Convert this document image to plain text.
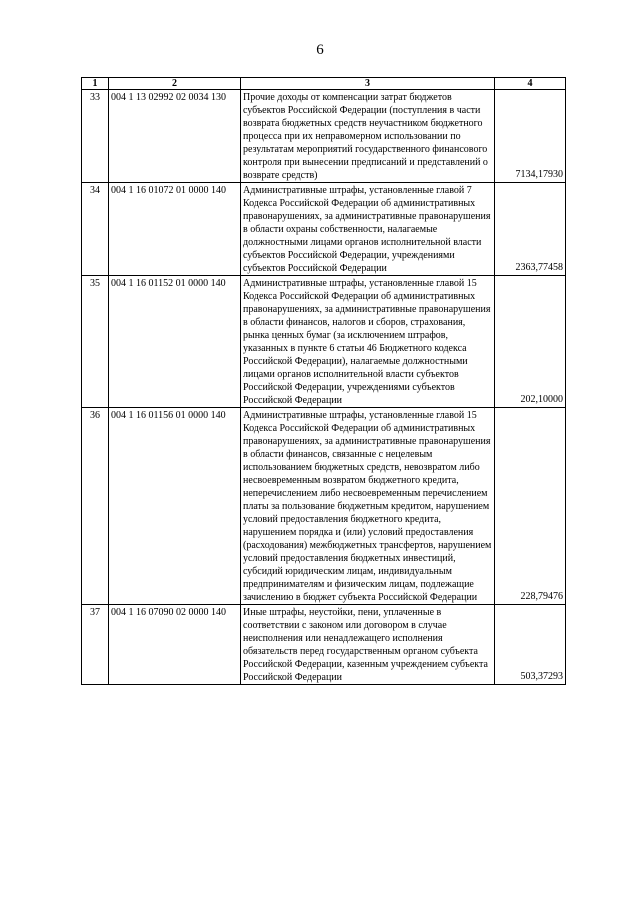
6
1	2	3	4
33	004 1 13 02992 02 0034 130	Прочие доходы от компенсации затрат бюджетов субъектов Российской Федерации (поступления в части возврата бюджетных средств неучастником бюджетного процесса при их неправомерном использовании по результатам мероприятий государственного финансового контроля при вынесении предписаний и представлений о возврате средств)	7134,17930
34	004 1 16 01072 01 0000 140	Административные штрафы, установленные главой 7 Кодекса Российской Федерации об административных правонарушениях, за административные правонарушения в области охраны собственности, налагаемые должностными лицами органов исполнительной власти субъектов Российской Федерации, учреждениями субъектов Российской Федерации	2363,77458
35	004 1 16 01152 01 0000 140	Административные штрафы, установленные главой 15 Кодекса Российской Федерации об административных правонарушениях, за административные правонарушения в области финансов, налогов и сборов, страхования, рынка ценных бумаг (за исключением штрафов, указанных в пункте 6 статьи 46 Бюджетного кодекса Российской Федерации), налагаемые должностными лицами органов исполнительной власти субъектов Российской Федерации, учреждениями субъектов Российской Федерации	202,10000
36	004 1 16 01156 01 0000 140	Административные штрафы, установленные главой 15 Кодекса Российской Федерации об административных правонарушениях, за административные правонарушения в области финансов, связанные с нецелевым использованием бюджетных средств, невозвратом либо несвоевременным возвратом бюджетного кредита, неперечислением либо несвоевременным перечислением платы за пользование бюджетным кредитом, нарушением условий предоставления бюджетного кредита, нарушением порядка и (или) условий предоставления (расходования) межбюджетных трансфертов, нарушением условий предоставления бюджетных инвестиций, субсидий юридическим лицам, индивидуальным предпринимателям и физическим лицам, подлежащие зачислению в бюджет субъекта Российской Федерации	228,79476
37	004 1 16 07090 02 0000 140	Иные штрафы, неустойки, пени, уплаченные в соответствии с законом или договором в случае неисполнения или ненадлежащего исполнения обязательств перед государственным органом субъекта Российской Федерации, казенным учреждением субъекта Российской Федерации	503,37293
